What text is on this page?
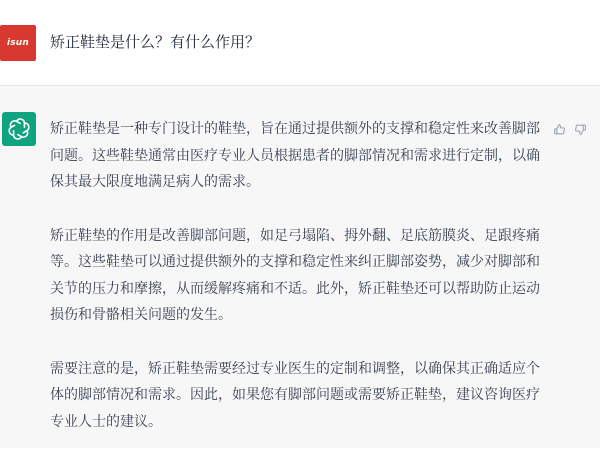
isun 矫正鞋垫是什么？有什么作用？

矫正鞋垫是一种专门设计的鞋垫，旨在通过提供额外的支撑和稳定性来改善脚部问题。这些鞋垫通常由医疗专业人员根据患者的脚部情况和需求进行定制，以确保其最大限度地满足病人的需求。

矫正鞋垫的作用是改善脚部问题，如足弓塌陷、拇外翻、足底筋膜炎、足跟疼痛等。这些鞋垫可以通过提供额外的支撑和稳定性来纠正脚部姿势，减少对脚部和关节的压力和摩擦，从而缓解疼痛和不适。此外，矫正鞋垫还可以帮助防止运动损伤和骨骼相关问题的发生。

需要注意的是，矫正鞋垫需要经过专业医生的定制和调整，以确保其正确适应个体的脚部情况和需求。因此，如果您有脚部问题或需要矫正鞋垫，建议咨询医疗专业人士的建议。
